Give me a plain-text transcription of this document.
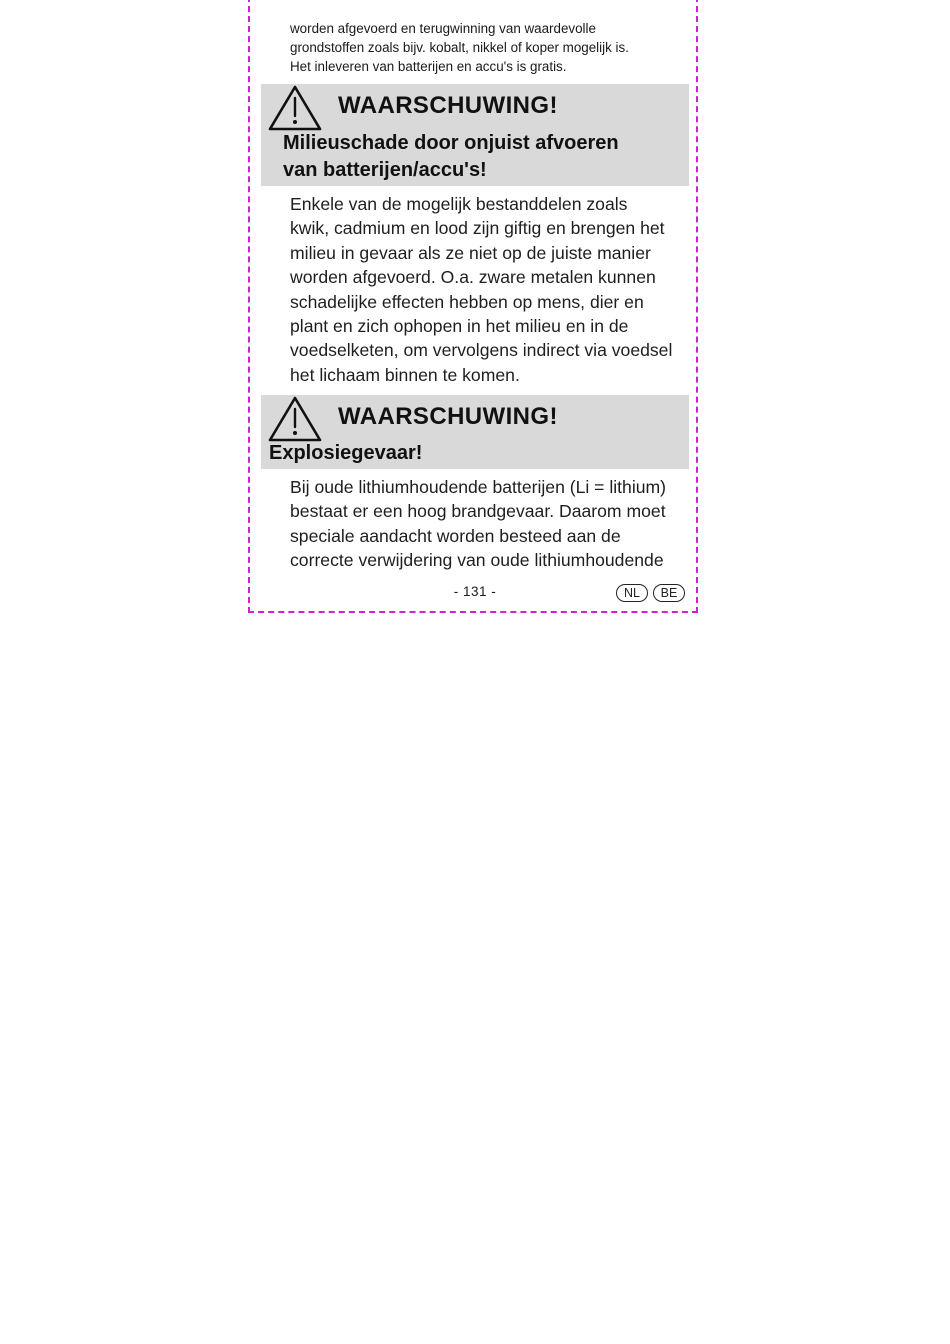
worden afgevoerd en terugwinning van waardevolle
grondstoffen zoals bijv. kobalt, nikkel of koper mogelijk is.
Het inleveren van batterijen en accu's is gratis.

WAARSCHUWING!

Milieuschade door onjuist afvoeren
van batterijen/accu's!

Enkele van de mogelijk bestanddelen zoals
kwik, cadmium en lood zijn giftig en brengen het
milieu in gevaar als ze niet op de juiste manier
worden afgevoerd. O.a. zware metalen kunnen
schadelijke effecten hebben op mens, dier en
plant en zich ophopen in het milieu en in de
voedselketen, om vervolgens indirect via voedsel
het lichaam binnen te komen.

WAARSCHUWING!

Explosiegevaar!

Bij oude lithiumhoudende batterijen (Li = lithium)
bestaat er een hoog brandgevaar. Daarom moet
speciale aandacht worden besteed aan de
correcte verwijdering van oude lithiumhoudende

- 131 -	NL	BE
